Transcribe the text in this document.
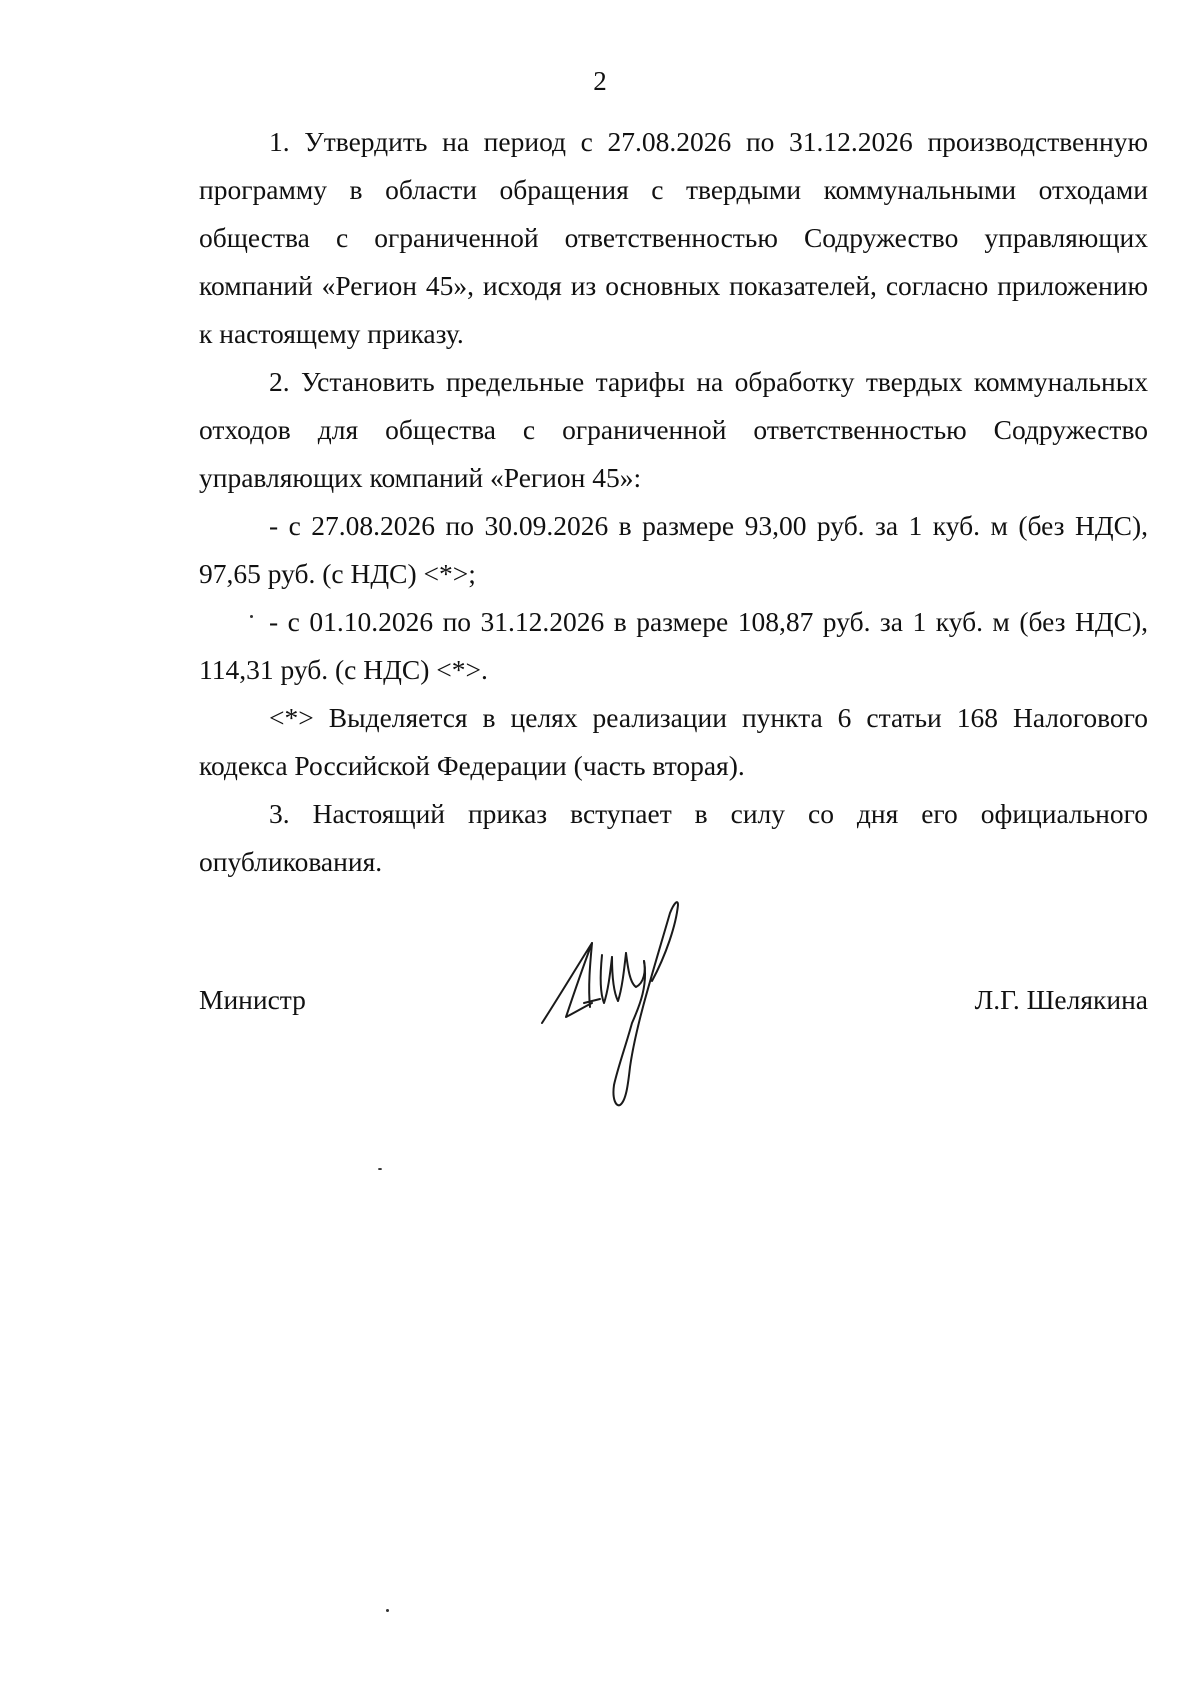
2

1. Утвердить на период с 27.08.2026 по 31.12.2026 производственную программу в области обращения с твердыми коммунальными отходами общества с ограниченной ответственностью Содружество управляющих компаний «Регион 45», исходя из основных показателей, согласно приложению к настоящему приказу.

2. Установить предельные тарифы на обработку твердых коммунальных отходов для общества с ограниченной ответственностью Содружество управляющих компаний «Регион 45»:

- с 27.08.2026 по 30.09.2026 в размере 93,00 руб. за 1 куб. м (без НДС), 97,65 руб. (с НДС) <*>;

- с 01.10.2026 по 31.12.2026 в размере 108,87 руб. за 1 куб. м (без НДС), 114,31 руб. (с НДС) <*>.

<*> Выделяется в целях реализации пункта 6 статьи 168 Налогового кодекса Российской Федерации (часть вторая).

3. Настоящий приказ вступает в силу со дня его официального опубликования.

Министр	Л.Г. Шелякина
